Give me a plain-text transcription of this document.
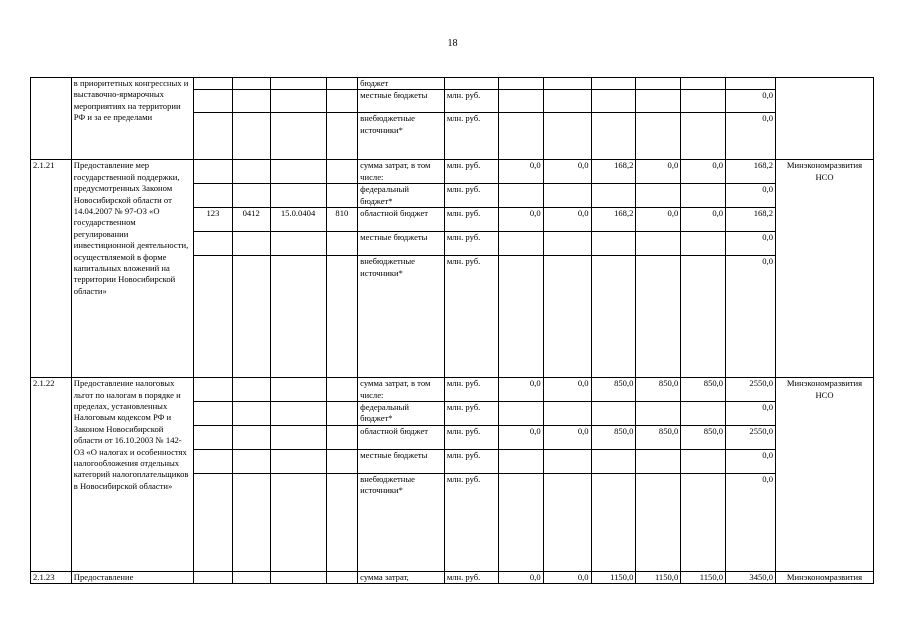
18
	в приоритетных конгрессных и выставочно-ярмарочных мероприятиях на территории РФ и за ее пределами					бюджет								
						местные бюджеты	млн. руб.						0,0	
						внебюджетные источники*	млн. руб.						0,0	
2.1.21	Предоставление мер государственной поддержки, предусмотренных Законом Новосибирской области от 14.04.2007 № 97-ОЗ «О государственном регулировании инвестиционной деятельности, осуществляемой в форме капитальных вложений на территории Новосибирской области»					сумма затрат, в том числе:	млн. руб.	0,0	0,0	168,2	0,0	0,0	168,2	Минэкономразвития НСО
						федеральный бюджет*	млн. руб.						0,0	
		123	0412	15.0.0404	810	областной бюджет	млн. руб.	0,0	0,0	168,2	0,0	0,0	168,2	
						местные бюджеты	млн. руб.						0,0	
						внебюджетные источники*	млн. руб.						0,0	
2.1.22	Предоставление налоговых льгот по налогам в порядке и пределах, установленных Налоговым кодексом РФ и Законом Новосибирской области от 16.10.2003 № 142-ОЗ «О налогах и особенностях налогообложения отдельных категорий налогоплательщиков в Новосибирской области»					сумма затрат, в том числе:	млн. руб.	0,0	0,0	850,0	850,0	850,0	2550,0	Минэкономразвития НСО
						федеральный бюджет*	млн. руб.						0,0	
						областной бюджет	млн. руб.	0,0	0,0	850,0	850,0	850,0	2550,0	
						местные бюджеты	млн. руб.						0,0	
						внебюджетные источники*	млн. руб.						0,0	
2.1.23	Предоставление					сумма затрат,	млн. руб.	0,0	0,0	1150,0	1150,0	1150,0	3450,0	Минэкономразвития
